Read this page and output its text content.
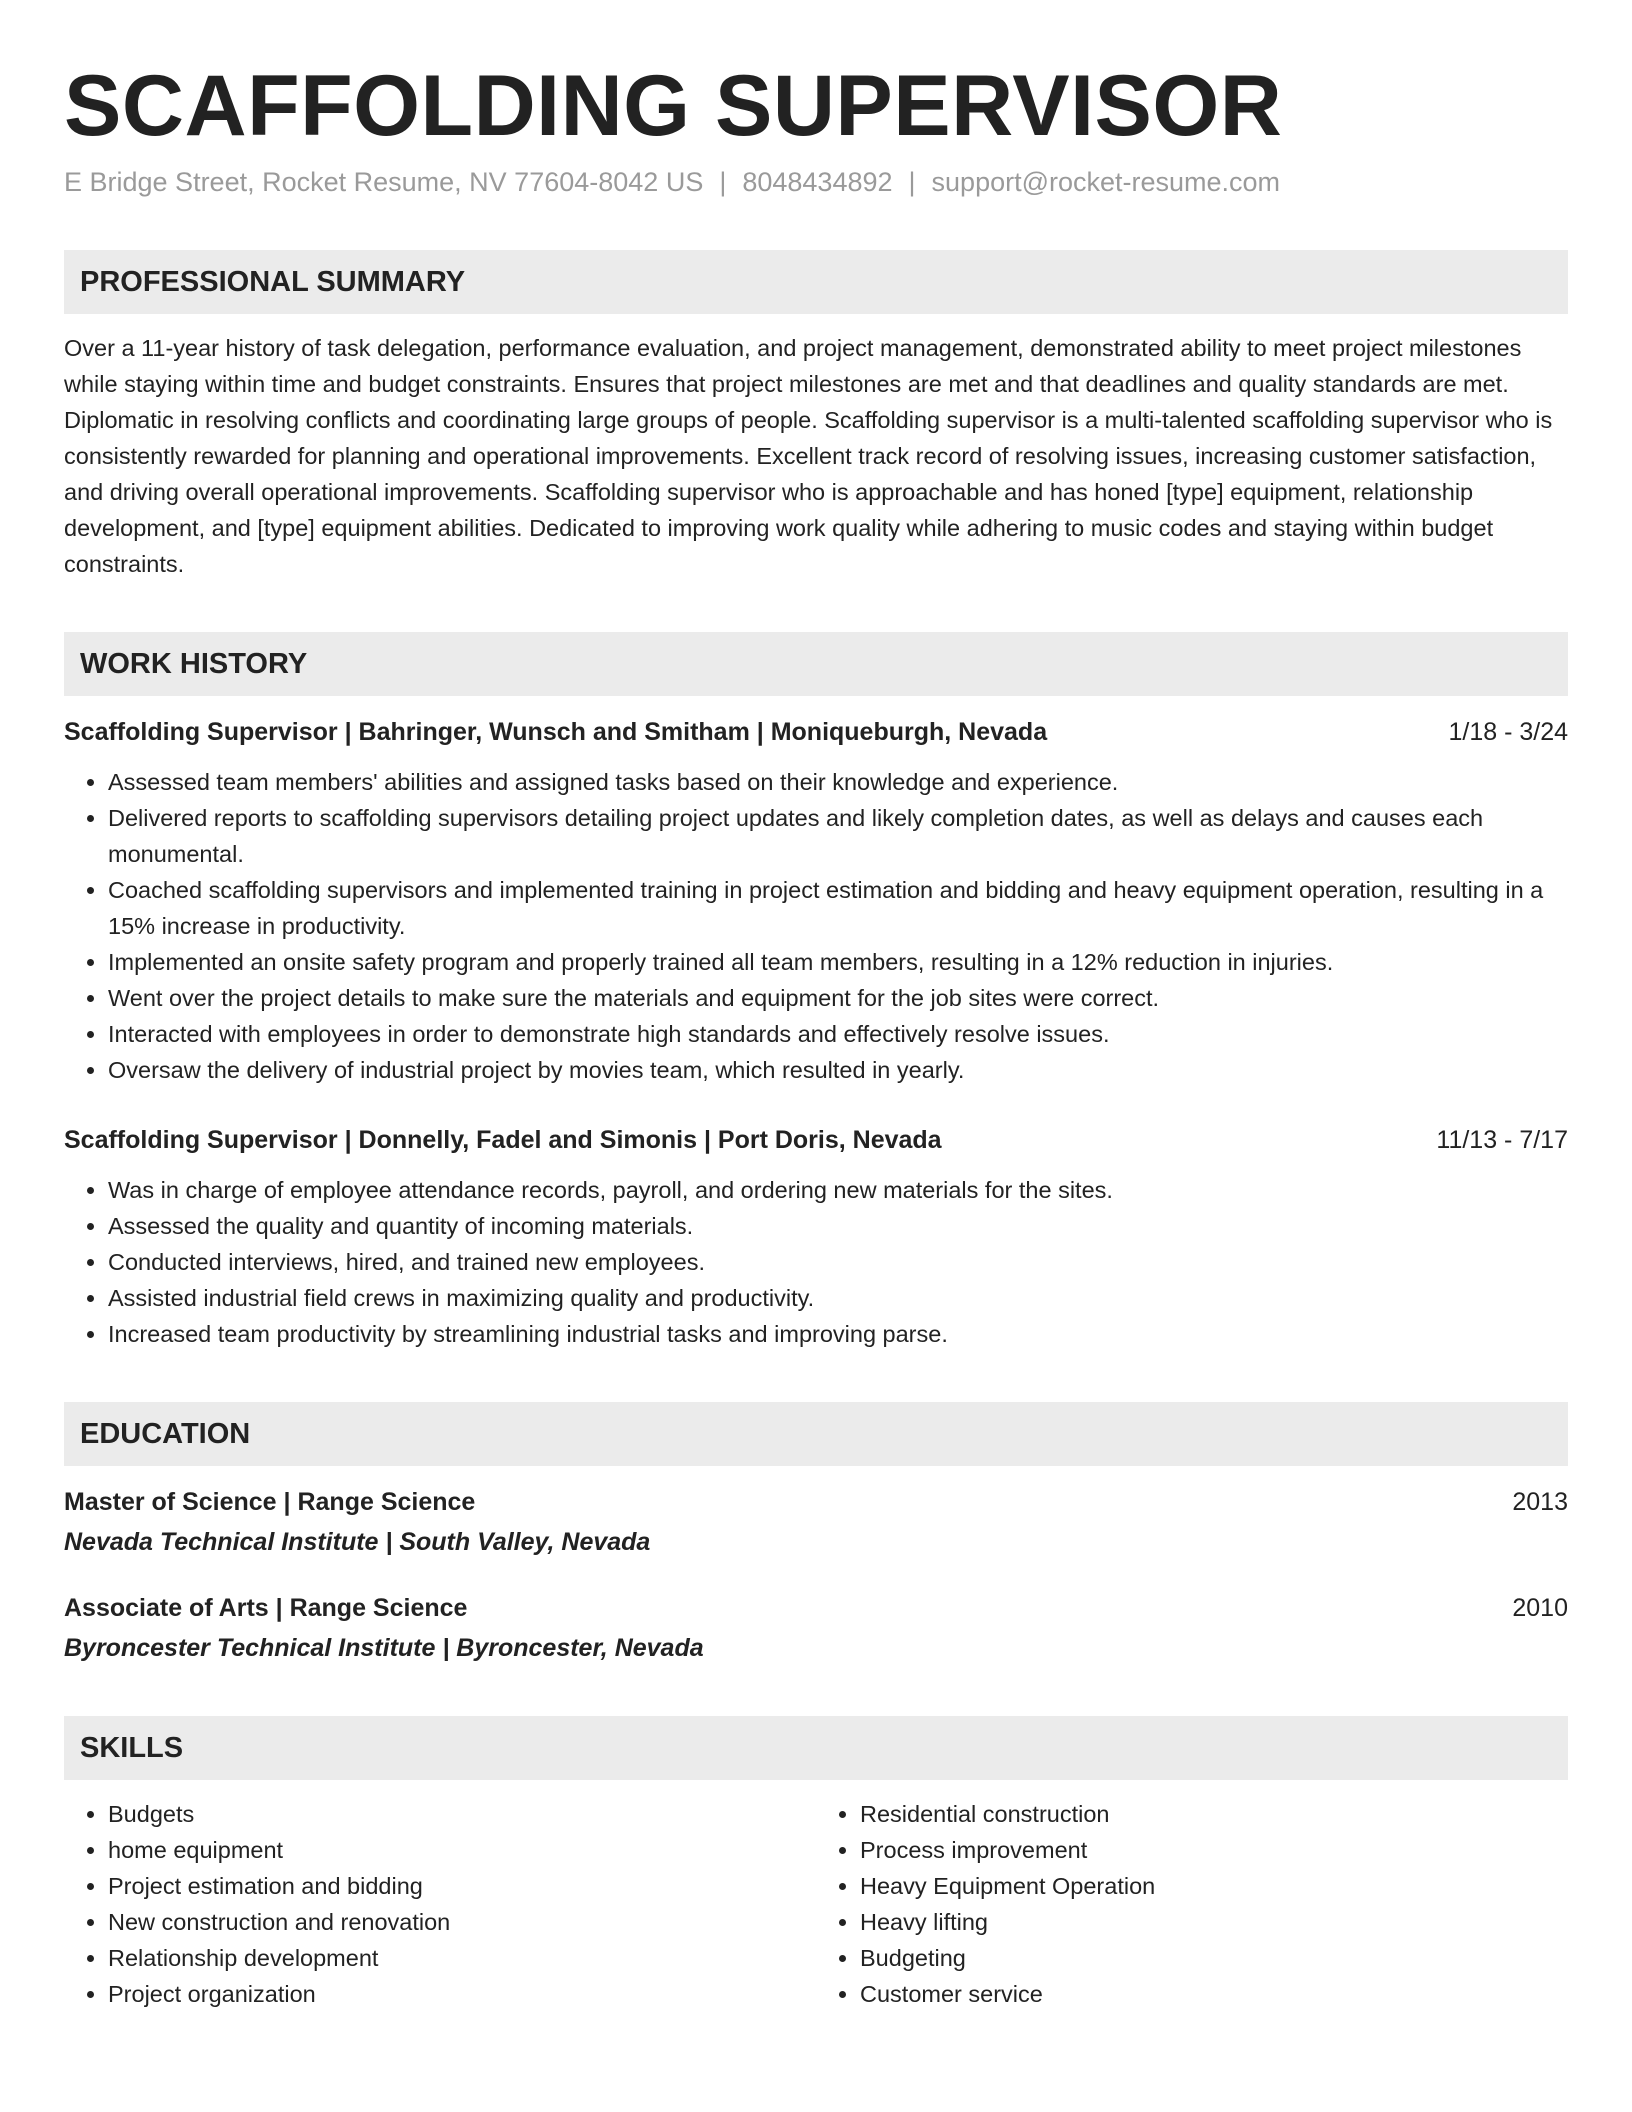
SCAFFOLDING SUPERVISOR
E Bridge Street, Rocket Resume, NV 77604-8042 US | 8048434892 | support@rocket-resume.com
PROFESSIONAL SUMMARY
Over a 11-year history of task delegation, performance evaluation, and project management, demonstrated ability to meet project milestones while staying within time and budget constraints. Ensures that project milestones are met and that deadlines and quality standards are met. Diplomatic in resolving conflicts and coordinating large groups of people. Scaffolding supervisor is a multi-talented scaffolding supervisor who is consistently rewarded for planning and operational improvements. Excellent track record of resolving issues, increasing customer satisfaction, and driving overall operational improvements. Scaffolding supervisor who is approachable and has honed [type] equipment, relationship development, and [type] equipment abilities. Dedicated to improving work quality while adhering to music codes and staying within budget constraints.
WORK HISTORY
Scaffolding Supervisor | Bahringer, Wunsch and Smitham | Moniqueburgh, Nevada	1/18 - 3/24
• Assessed team members' abilities and assigned tasks based on their knowledge and experience.
• Delivered reports to scaffolding supervisors detailing project updates and likely completion dates, as well as delays and causes each monumental.
• Coached scaffolding supervisors and implemented training in project estimation and bidding and heavy equipment operation, resulting in a 15% increase in productivity.
• Implemented an onsite safety program and properly trained all team members, resulting in a 12% reduction in injuries.
• Went over the project details to make sure the materials and equipment for the job sites were correct.
• Interacted with employees in order to demonstrate high standards and effectively resolve issues.
• Oversaw the delivery of industrial project by movies team, which resulted in yearly.
Scaffolding Supervisor | Donnelly, Fadel and Simonis | Port Doris, Nevada	11/13 - 7/17
• Was in charge of employee attendance records, payroll, and ordering new materials for the sites.
• Assessed the quality and quantity of incoming materials.
• Conducted interviews, hired, and trained new employees.
• Assisted industrial field crews in maximizing quality and productivity.
• Increased team productivity by streamlining industrial tasks and improving parse.
EDUCATION
Master of Science | Range Science	2013
Nevada Technical Institute | South Valley, Nevada
Associate of Arts | Range Science	2010
Byroncester Technical Institute | Byroncester, Nevada
SKILLS
• Budgets
• home equipment
• Project estimation and bidding
• New construction and renovation
• Relationship development
• Project organization
• Residential construction
• Process improvement
• Heavy Equipment Operation
• Heavy lifting
• Budgeting
• Customer service
